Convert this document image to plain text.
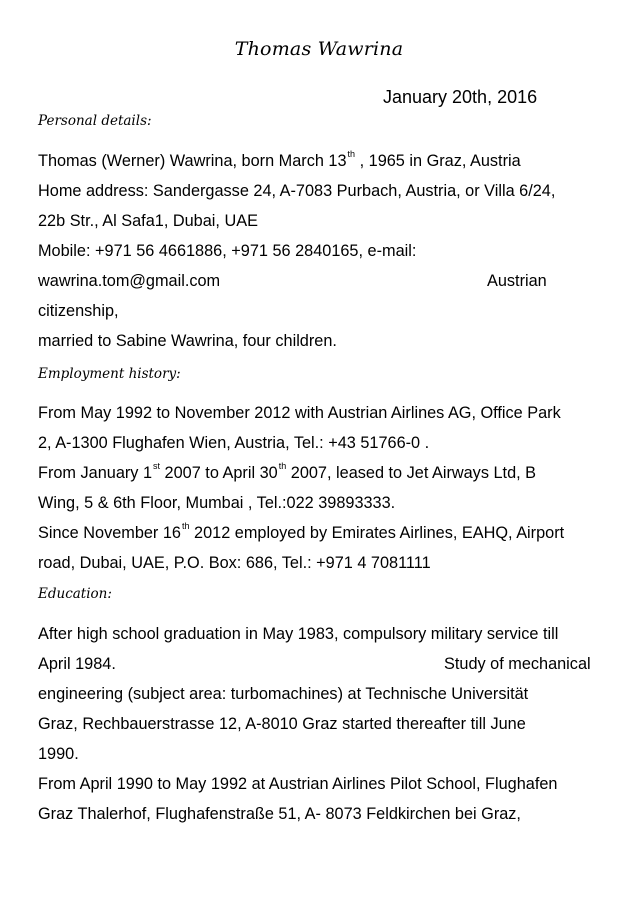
Thomas Wawrina
January 20th, 2016
Personal details:
Thomas (Werner) Wawrina, born March 13th , 1965 in Graz, Austria
Home address: Sandergasse 24, A-7083 Purbach, Austria, or Villa 6/24,
22b Str., Al Safa1, Dubai, UAE
Mobile: +971 56 4661886, +971 56 2840165, e-mail:
wawrina.tom@gmail.com	Austrian
citizenship,
married to Sabine Wawrina, four children.
Employment history:
From May 1992 to November 2012 with Austrian Airlines AG, Office Park
2, A-1300 Flughafen Wien, Austria, Tel.: +43 51766-0 .
From January 1st 2007 to April 30th 2007, leased to Jet Airways Ltd, B
Wing, 5 & 6th Floor, Mumbai , Tel.:022 39893333.
Since November 16th 2012 employed by Emirates Airlines, EAHQ, Airport
road, Dubai, UAE, P.O. Box: 686, Tel.: +971 4 7081111
Education:
After high school graduation in May 1983, compulsory military service till
April 1984.	Study of mechanical
engineering (subject area: turbomachines) at Technische Universität
Graz, Rechbauerstrasse 12, A-8010 Graz started thereafter till June
1990.
From April 1990 to May 1992 at Austrian Airlines Pilot School, Flughafen
Graz Thalerhof, Flughafenstraße 51, A- 8073 Feldkirchen bei Graz,
